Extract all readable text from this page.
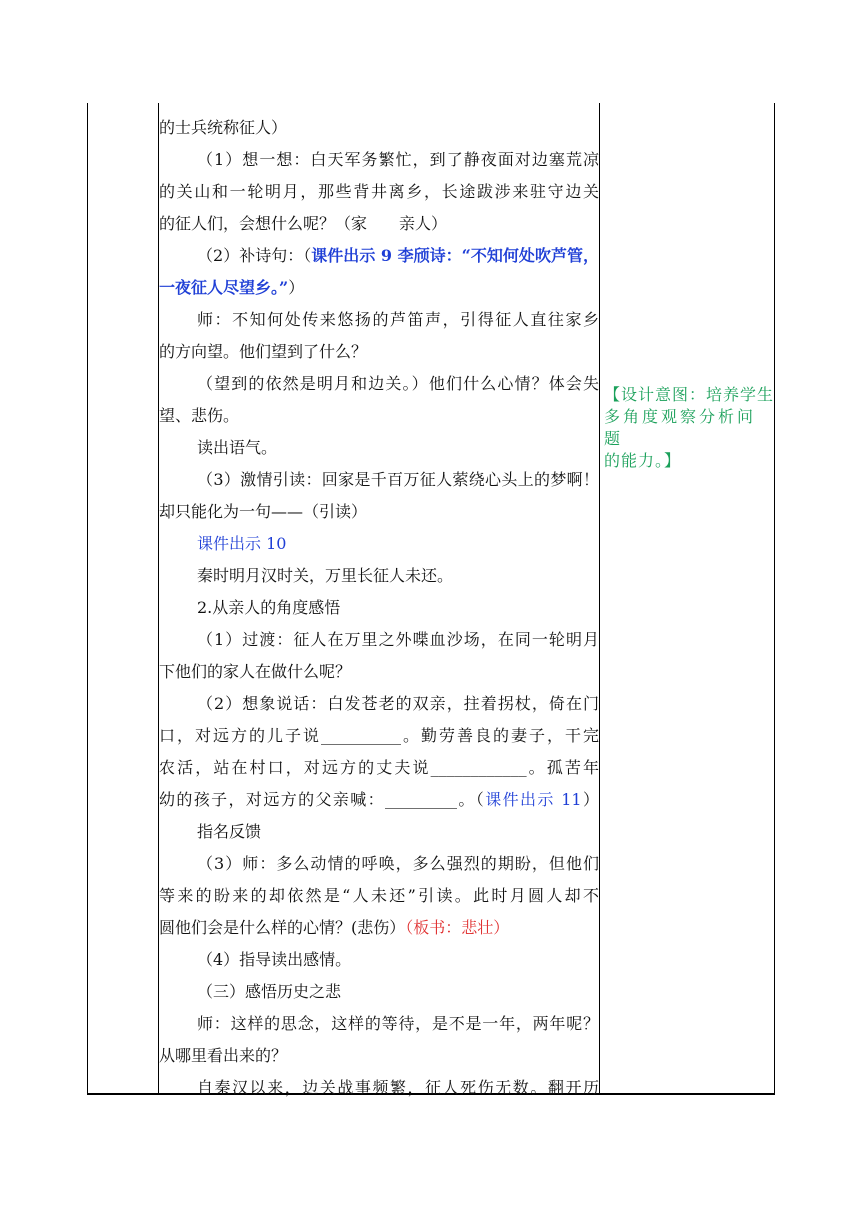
的士兵统称征人）
（1）想一想：白天军务繁忙，到了静夜面对边塞荒凉
的关山和一轮明月，那些背井离乡，长途跋涉来驻守边关
的征人们，会想什么呢？（家　　亲人）
（2）补诗句：（课件出示 9 李颀诗：“不知何处吹芦管，
一夜征人尽望乡。”）
师：不知何处传来悠扬的芦笛声，引得征人直往家乡
的方向望。他们望到了什么？
（望到的依然是明月和边关。）他们什么心情？体会失
望、悲伤。
读出语气。
（3）激情引读：回家是千百万征人萦绕心头上的梦啊！
却只能化为一句——（引读）
课件出示 10
秦时明月汉时关，万里长征人未还。
2.从亲人的角度感悟
（1）过渡：征人在万里之外喋血沙场，在同一轮明月
下他们的家人在做什么呢？
（2）想象说话：白发苍老的双亲，拄着拐杖，倚在门
口，对远方的儿子说__________。勤劳善良的妻子，干完
农活，站在村口，对远方的丈夫说____________。孤苦年
幼的孩子，对远方的父亲喊：_________。（课件出示 11）
指名反馈
（3）师：多么动情的呼唤，多么强烈的期盼，但他们
等来的盼来的却依然是“人未还”引读。此时月圆人却不
圆他们会是什么样的心情？(悲伤）（板书：悲壮）
（4）指导读出感情。
（三）感悟历史之悲
师：这样的思念，这样的等待，是不是一年，两年呢？
从哪里看出来的？
自秦汉以来，边关战事频繁，征人死伤无数。翻开历
【设计意图：培养学生
多角度观察分析问题
的能力。】
